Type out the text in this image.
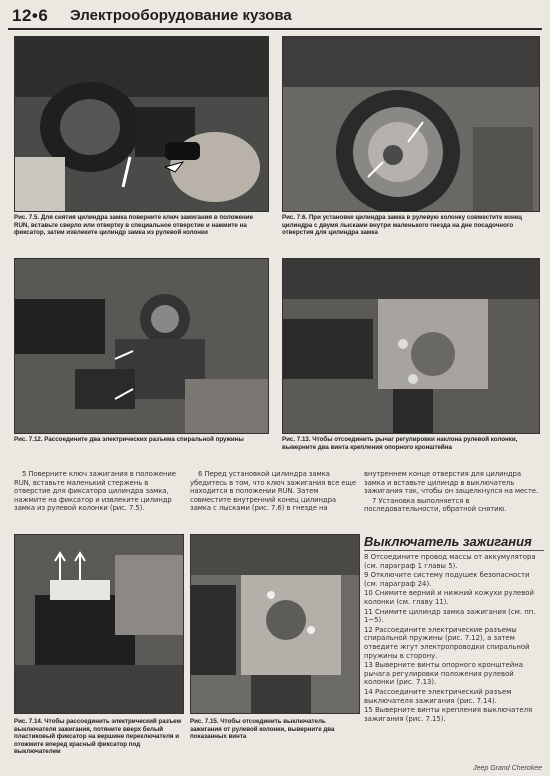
12•6 Электрооборудование кузова
Рис. 7.5. Для снятия цилиндра замка поверните ключ зажигания в положение RUN, вставьте сверло или отвертку в специальное отверстие и нажмите на фиксатор, затем извлеките цилиндр замка из рулевой колонки
Рис. 7.6. При установке цилиндра замка в рулевую колонку совместите конец цилиндра с двумя лысками внутри маленького гнезда на дне посадочного отверстия для цилиндра замка
Рис. 7.12. Рассоедините два электрических разъема спиральной пружины	Рис. 7.13. Чтобы отсоединить рычаг регулировки наклона рулевой колонки, выверните два винта крепления опорного кронштейна

5 Поверните ключ зажигания в положение RUN, вставьте маленький стержень в отверстие для фиксатора цилиндра замка, нажмите на фиксатор и извлеките цилиндр замка из рулевой колонки (рис. 7.5).

6 Перед установкой цилиндра замка убедитесь в том, что ключ зажигания все еще находится в положении RUN. Затем совместите внутренний конец цилиндра замка с лысками (рис. 7.6) в гнезде на

внутреннем конце отверстия для цилиндра замка и вставьте цилиндр в выключатель зажигания так, чтобы он защелкнулся на месте.

7 Установка выполняется в последовательности, обратной снятию.

Рис. 7.14. Чтобы рассоединить электрический разъем выключателя зажигания, потяните вверх белый пластиковый фиксатор на вершине переключателя и отожмите вперед красный фиксатор под выключателем
Рис. 7.15. Чтобы отсоединить выключатель зажигания от рулевой колонки, выверните два показанных винта
Выключатель зажигания

8 Отсоедините провод массы от аккумулятора (см. параграф 1 главы 5).

9 Отключите систему подушек безопасности (см. параграф 24).

10 Снимите верний и нижний кожухи рулевой колонки (см. главу 11).

11 Снимите цилиндр замка зажигания (см. пп. 1~5).

12 Рассоедините электрические разъемы спиральной пружины (рис. 7.12), а затем отведите жгут электропроводки спиральной пружины в сторону.

13 Выверните винты опорного кронштейна рычага регулировки положения рулевой колонки (рис. 7.13).

14 Рассоедините электрический разъем выключателя зажигания (рис. 7.14).

15 Выверните винты крепления выключателя зажигания (рис. 7.15).

Jeep Grand Cherokee
